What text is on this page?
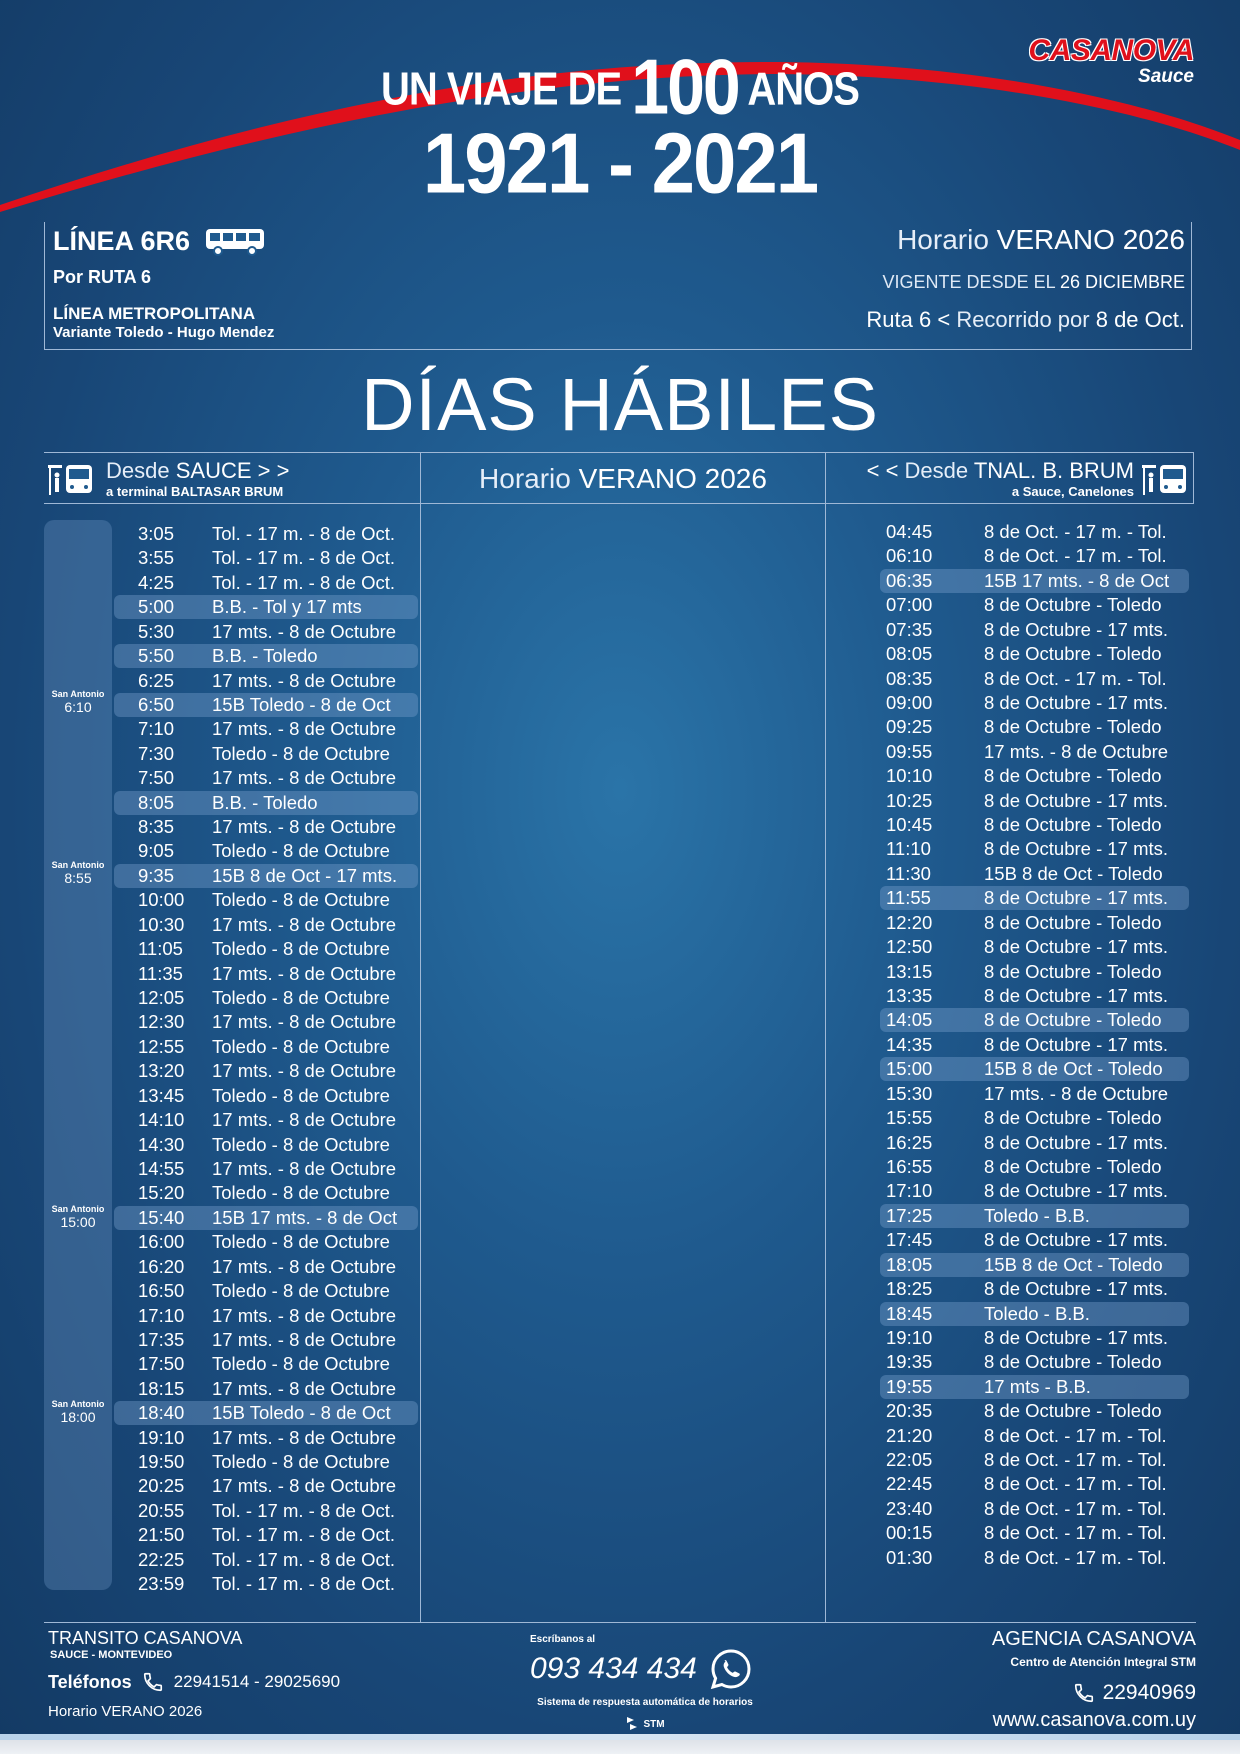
UN VIAJE DE 100 AÑOS
1921 - 2021
CASANOVA
Sauce
LÍNEA 6R6
Por RUTA 6
LÍNEA METROPOLITANA
Variante Toledo - Hugo Mendez
Horario VERANO 2026
VIGENTE DESDE EL 26 DICIEMBRE
Ruta 6 < Recorrido por 8 de Oct.
DÍAS HÁBILES
Desde SAUCE > >
a terminal BALTASAR BRUM	Horario VERANO 2026	< < Desde TNAL. B. BRUM
a Sauce, Canelones
San Antonio
6:10
San Antonio
8:55
San Antonio
15:00
San Antonio
18:00
3:05 Tol. - 17 m. - 8 de Oct.
3:55 Tol. - 17 m. - 8 de Oct.
4:25 Tol. - 17 m. - 8 de Oct.
5:00 B.B. - Tol y 17 mts
5:30 17 mts. - 8 de Octubre
5:50 B.B. - Toledo
6:25 17 mts. - 8 de Octubre
6:50 15B Toledo - 8 de Oct
7:10 17 mts. - 8 de Octubre
7:30 Toledo - 8 de Octubre
7:50 17 mts. - 8 de Octubre
8:05 B.B. - Toledo
8:35 17 mts. - 8 de Octubre
9:05 Toledo - 8 de Octubre
9:35 15B 8 de Oct - 17 mts.
10:00 Toledo - 8 de Octubre
10:30 17 mts. - 8 de Octubre
11:05 Toledo - 8 de Octubre
11:35 17 mts. - 8 de Octubre
12:05 Toledo - 8 de Octubre
12:30 17 mts. - 8 de Octubre
12:55 Toledo - 8 de Octubre
13:20 17 mts. - 8 de Octubre
13:45 Toledo - 8 de Octubre
14:10 17 mts. - 8 de Octubre
14:30 Toledo - 8 de Octubre
14:55 17 mts. - 8 de Octubre
15:20 Toledo - 8 de Octubre
15:40 15B 17 mts. - 8 de Oct
16:00 Toledo - 8 de Octubre
16:20 17 mts. - 8 de Octubre
16:50 Toledo - 8 de Octubre
17:10 17 mts. - 8 de Octubre
17:35 17 mts. - 8 de Octubre
17:50 Toledo - 8 de Octubre
18:15 17 mts. - 8 de Octubre
18:40 15B Toledo - 8 de Oct
19:10 17 mts. - 8 de Octubre
19:50 Toledo - 8 de Octubre
20:25 17 mts. - 8 de Octubre
20:55 Tol. - 17 m. - 8 de Oct.
21:50 Tol. - 17 m. - 8 de Oct.
22:25 Tol. - 17 m. - 8 de Oct.
23:59 Tol. - 17 m. - 8 de Oct.
04:45	8 de Oct. - 17 m. - Tol.
06:10	8 de Oct. - 17 m. - Tol.
06:35	15B 17 mts. - 8 de Oct
07:00	8 de Octubre - Toledo
07:35	8 de Octubre - 17 mts.
08:05	8 de Octubre - Toledo
08:35	8 de Oct. - 17 m. - Tol.
09:00	8 de Octubre - 17 mts.
09:25	8 de Octubre - Toledo
09:55	17 mts. - 8 de Octubre
10:10	8 de Octubre - Toledo
10:25	8 de Octubre - 17 mts.
10:45	8 de Octubre - Toledo
11:10	8 de Octubre - 17 mts.
11:30	15B 8 de Oct - Toledo
11:55	8 de Octubre - 17 mts.
12:20	8 de Octubre - Toledo
12:50	8 de Octubre - 17 mts.
13:15	8 de Octubre - Toledo
13:35	8 de Octubre - 17 mts.
14:05	8 de Octubre - Toledo
14:35	8 de Octubre - 17 mts.
15:00	15B 8 de Oct - Toledo
15:30	17 mts. - 8 de Octubre
15:55	8 de Octubre - Toledo
16:25	8 de Octubre - 17 mts.
16:55	8 de Octubre - Toledo
17:10	8 de Octubre - 17 mts.
17:25	Toledo - B.B.
17:45	8 de Octubre - 17 mts.
18:05	15B 8 de Oct - Toledo
18:25	8 de Octubre - 17 mts.
18:45	Toledo - B.B.
19:10	8 de Octubre - 17 mts.
19:35	8 de Octubre - Toledo
19:55	17 mts - B.B.
20:35	8 de Octubre - Toledo
21:20	8 de Oct. - 17 m. - Tol.
22:05	8 de Oct. - 17 m. - Tol.
22:45	8 de Oct. - 17 m. - Tol.
23:40	8 de Oct. - 17 m. - Tol.
00:15	8 de Oct. - 17 m. - Tol.
01:30	8 de Oct. - 17 m. - Tol.
TRANSITO CASANOVA
SAUCE - MONTEVIDEO
Teléfonos 22941514 - 29025690
Horario VERANO 2026
Escríbanos al
093 434 434
Sistema de respuesta automática de horarios
STM
AGENCIA CASANOVA
Centro de Atención Integral STM
22940969
www.casanova.com.uy
